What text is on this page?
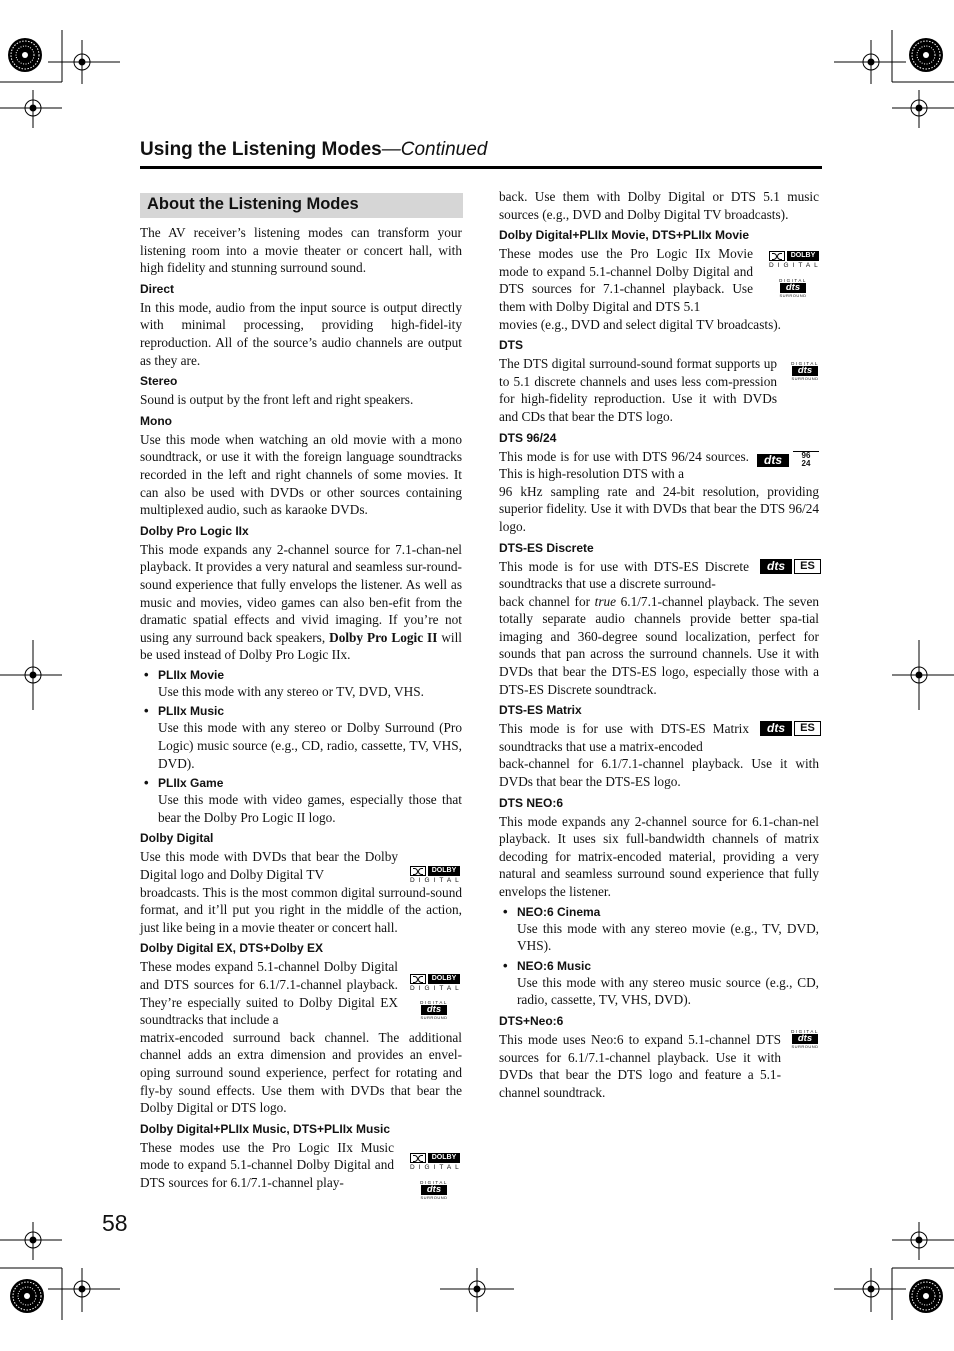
Using the Listening Modes—Continued
About the Listening Modes

The AV receiver’s listening modes can transform your listening room into a movie theater or concert hall, with high fidelity and stunning surround sound.

Direct

In this mode, audio from the input source is output directly with minimal processing, providing high-fidel-ity reproduction. All of the source’s audio channels are output as they are.

Stereo

Sound is output by the front left and right speakers.

Mono

Use this mode when watching an old movie with a mono soundtrack, or use it with the foreign language soundtracks recorded in the left and right channels of some movies. It can also be used with DVDs or other sources containing multiplexed audio, such as karaoke DVDs.

Dolby Pro Logic IIx

This mode expands any 2-channel source for 7.1-chan-nel playback. It provides a very natural and seamless sur-round-sound experience that fully envelops the listener. As well as music and movies, video games can also ben-efit from the dramatic spatial effects and vivid imaging. If you’re not using any surround back speakers, Dolby Pro Logic II will be used instead of Dolby Pro Logic IIx.

• PLIIx Movie
Use this mode with any stereo or TV, DVD, VHS.
• PLIIx Music
Use this mode with any stereo or Dolby Surround (Pro Logic) music source (e.g., CD, radio, cassette, TV, VHS, DVD).
• PLIIx Game
Use this mode with video games, especially those that bear the Dolby Pro Logic II logo.
Dolby Digital

Use this mode with DVDs that bear the Dolby Digital logo and Dolby Digital TV

broadcasts. This is the most common digital surround-sound format, and it’ll put you right in the middle of the action, just like being in a movie theater or concert hall.

Dolby Digital EX, DTS+Dolby EX

These modes expand 5.1-channel Dolby Digital and DTS sources for 6.1/7.1-channel playback. They’re especially suited to Dolby Digital EX soundtracks that include a

matrix-encoded surround back channel. The additional channel adds an extra dimension and provides an envel-oping surround sound experience, perfect for rotating and fly-by sound effects. Use them with DVDs that bear the Dolby Digital or DTS logo.

Dolby Digital+PLIIx Music, DTS+PLIIx Music

These modes use the Pro Logic IIx Music mode to expand 5.1-channel Dolby Digital and DTS sources for 6.1/7.1-channel play-

back. Use them with Dolby Digital or DTS 5.1 music sources (e.g., DVD and Dolby Digital TV broadcasts).

Dolby Digital+PLIIx Movie, DTS+PLIIx Movie

These modes use the Pro Logic IIx Movie mode to expand 5.1-channel Dolby Digital and DTS sources for 7.1-channel playback. Use them with Dolby Digital and DTS 5.1

movies (e.g., DVD and select digital TV broadcasts).

DTS

The DTS digital surround-sound format supports up to 5.1 discrete channels and uses less com-pression for high-fidelity reproduction. Use it with DVDs and CDs that bear the DTS logo.

DTS 96/24

This mode is for use with DTS 96/24 sources. This is high-resolution DTS with a

96 kHz sampling rate and 24-bit resolution, providing superior fidelity. Use it with DVDs that bear the DTS 96/24 logo.

DTS-ES Discrete

This mode is for use with DTS-ES Discrete soundtracks that use a discrete surround-

back channel for true 6.1/7.1-channel playback. The seven totally separate audio channels provide better spa-tial imaging and 360-degree sound localization, perfect for sounds that pan across the surround channels. Use it with DVDs that bear the DTS-ES logo, especially those with a DTS-ES Discrete soundtrack.

DTS-ES Matrix

This mode is for use with DTS-ES Matrix soundtracks that use a matrix-encoded

back-channel for 6.1/7.1-channel playback. Use it with DVDs that bear the DTS-ES logo.

DTS NEO:6

This mode expands any 2-channel source for 6.1-chan-nel playback. It uses six full-bandwidth channels of matrix decoding for matrix-encoded material, providing a very natural and seamless surround sound experience that fully envelops the listener.

• NEO:6 Cinema
Use this mode with any stereo movie (e.g., TV, DVD, VHS).
• NEO:6 Music
Use this mode with any stereo music source (e.g., CD, radio, cassette, TV, VHS, DVD).
DTS+Neo:6

This mode uses Neo:6 to expand 5.1-channel DTS sources for 6.1/7.1-channel playback. Use it with DVDs that bear the DTS logo and feature a 5.1-channel soundtrack.

DOLBY
DIGITAL
DOLBY
DIGITAL
DIGITAL
dts
SURROUND
DOLBY
DIGITAL
DIGITAL
dts
SURROUND
DOLBY
DIGITAL
DIGITAL
dts
SURROUND
DIGITAL
dts
SURROUND
dts	96
24
dts	ES
dts	ES
DIGITAL
dts
SURROUND
58
